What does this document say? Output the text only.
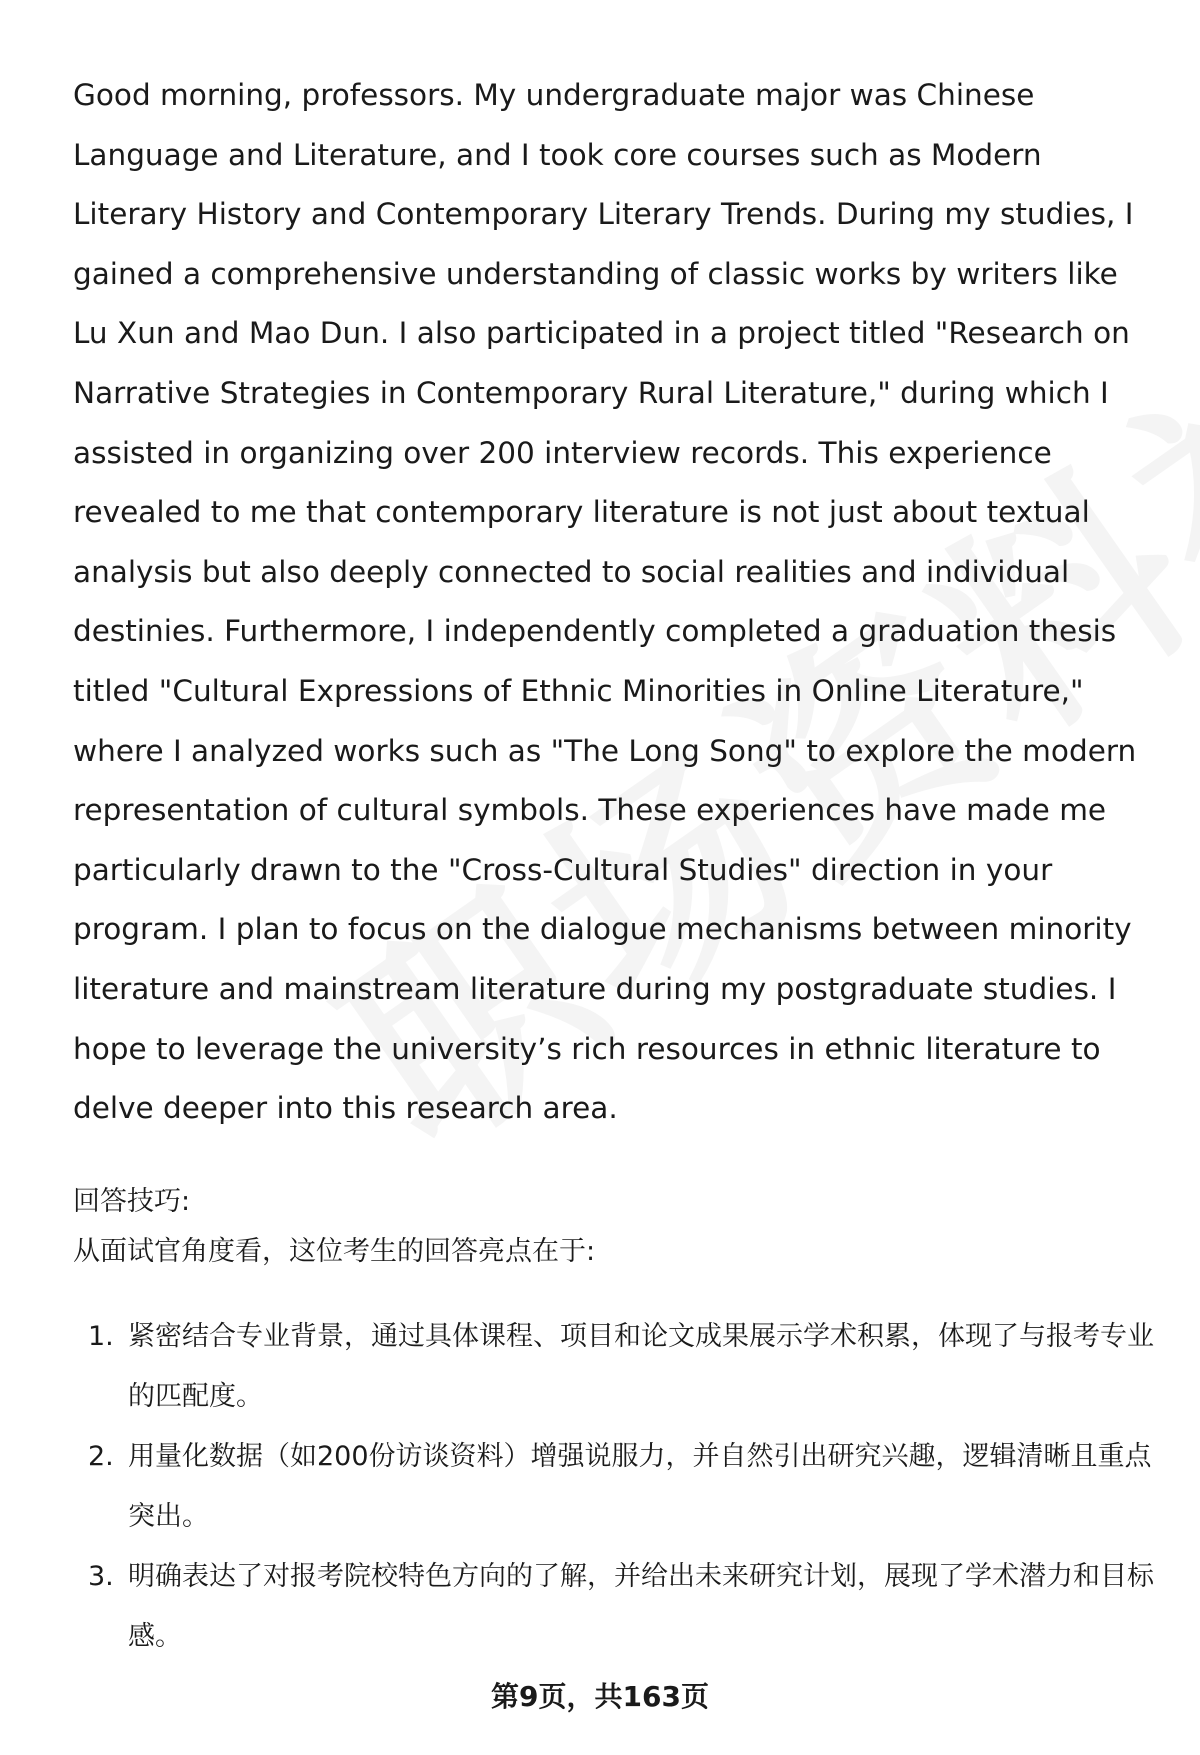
Good morning, professors. My undergraduate major was Chinese Language and Literature, and I took core courses such as Modern Literary History and Contemporary Literary Trends. During my studies, I gained a comprehensive understanding of classic works by writers like Lu Xun and Mao Dun. I also participated in a project titled "Research on Narrative Strategies in Contemporary Rural Literature," during which I assisted in organizing over 200 interview records. This experience revealed to me that contemporary literature is not just about textual analysis but also deeply connected to social realities and individual destinies. Furthermore, I independently completed a graduation thesis titled "Cultural Expressions of Ethnic Minorities in Online Literature," where I analyzed works such as "The Long Song" to explore the modern representation of cultural symbols. These experiences have made me particularly drawn to the "Cross-Cultural Studies" direction in your program. I plan to focus on the dialogue mechanisms between minority literature and mainstream literature during my postgraduate studies. I hope to leverage the university’s rich resources in ethnic literature to delve deeper into this research area.

回答技巧:
从面试官角度看，这位考生的回答亮点在于:
1. 紧密结合专业背景，通过具体课程、项目和论文成果展示学术积累，体现了与报考专业的匹配度。
2. 用量化数据（如200份访谈资料）增强说服力，并自然引出研究兴趣，逻辑清晰且重点突出。
3. 明确表达了对报考院校特色方向的了解，并给出未来研究计划，展现了学术潜力和目标感。
第9页，共163页
